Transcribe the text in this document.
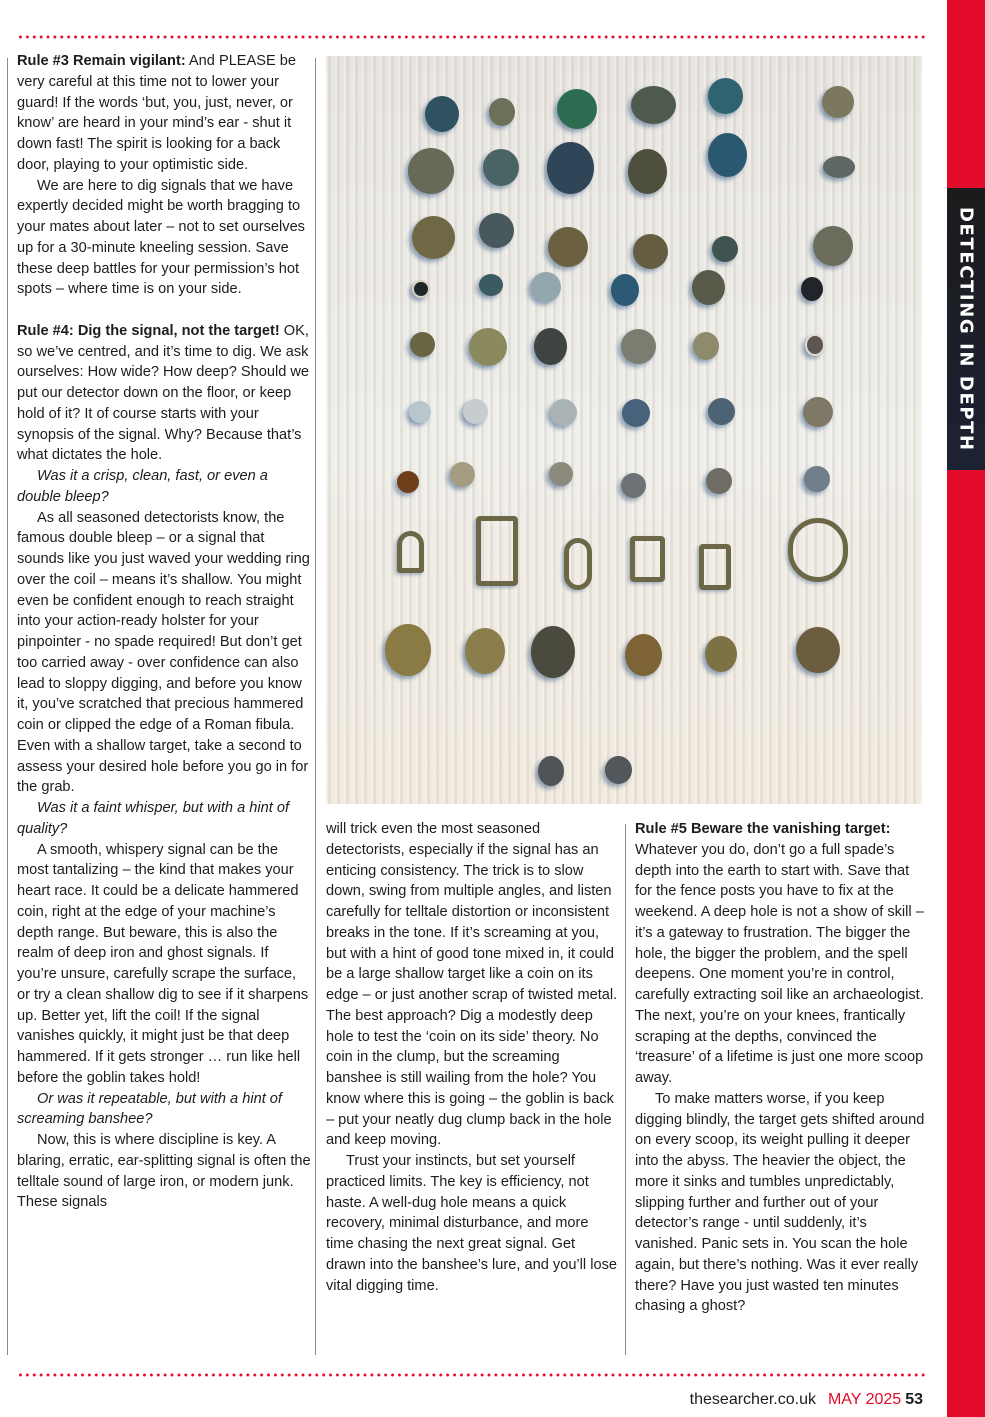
DETECTING IN DEPTH

Rule #3 Remain vigilant: And PLEASE be very careful at this time not to lower your guard! If the words ‘but, you, just, never, or know’ are heard in your mind’s ear - shut it down fast! The spirit is looking for a back door, playing to your optimistic side.

We are here to dig signals that we have expertly decided might be worth bragging to your mates about later – not to set ourselves up for a 30-minute kneeling session. Save these deep battles for your permission’s hot spots – where time is on your side.

Rule #4: Dig the signal, not the target! OK, so we’ve centred, and it’s time to dig. We ask ourselves: How wide? How deep? Should we put our detector down on the floor, or keep hold of it? It of course starts with your synopsis of the signal. Why? Because that’s what dictates the hole.

Was it a crisp, clean, fast, or even a double bleep?

As all seasoned detectorists know, the famous double bleep – or a signal that sounds like you just waved your wedding ring over the coil – means it’s shallow. You might even be confident enough to reach straight into your action-ready holster for your pinpointer - no spade required! But don’t get too carried away - over confidence can also lead to sloppy digging, and before you know it, you’ve scratched that precious hammered coin or clipped the edge of a Roman fibula. Even with a shallow target, take a second to assess your desired hole before you go in for the grab.

Was it a faint whisper, but with a hint of quality?

A smooth, whispery signal can be the most tantalizing – the kind that makes your heart race. It could be a delicate hammered coin, right at the edge of your machine’s depth range. But beware, this is also the realm of deep iron and ghost signals. If you’re unsure, carefully scrape the surface, or try a clean shallow dig to see if it sharpens up. Better yet, lift the coil! If the signal vanishes quickly, it might just be that deep hammered. If it gets stronger … run like hell before the goblin takes hold!

Or was it repeatable, but with a hint of screaming banshee?

Now, this is where discipline is key. A blaring, erratic, ear-splitting signal is often the telltale sound of large iron, or modern junk. These signals

will trick even the most seasoned detectorists, especially if the signal has an enticing consistency. The trick is to slow down, swing from multiple angles, and listen carefully for telltale distortion or inconsistent breaks in the tone. If it’s screaming at you, but with a hint of good tone mixed in, it could be a large shallow target like a coin on its edge – or just another scrap of twisted metal. The best approach? Dig a modestly deep hole to test the ‘coin on its side’ theory. No coin in the clump, but the screaming banshee is still wailing from the hole? You know where this is going – the goblin is back – put your neatly dug clump back in the hole and keep moving.

Trust your instincts, but set yourself practiced limits. The key is efficiency, not haste. A well-dug hole means a quick recovery, minimal disturbance, and more time chasing the next great signal. Get drawn into the banshee’s lure, and you’ll lose vital digging time.

Rule #5 Beware the vanishing target: Whatever you do, don’t go a full spade’s depth into the earth to start with. Save that for the fence posts you have to fix at the weekend. A deep hole is not a show of skill – it’s a gateway to frustration. The bigger the hole, the bigger the problem, and the spell deepens. One moment you’re in control, carefully extracting soil like an archaeologist. The next, you’re on your knees, frantically scraping at the depths, convinced the ‘treasure’ of a lifetime is just one more scoop away.

To make matters worse, if you keep digging blindly, the target gets shifted around on every scoop, its weight pulling it deeper into the abyss. The heavier the object, the more it sinks and tumbles unpredictably, slipping further and further out of your detector’s range - until suddenly, it’s vanished. Panic sets in. You scan the hole again, but there’s nothing. Was it ever really there? Have you just wasted ten minutes chasing a ghost?

thesearcher.co.uk MAY 2025 53
